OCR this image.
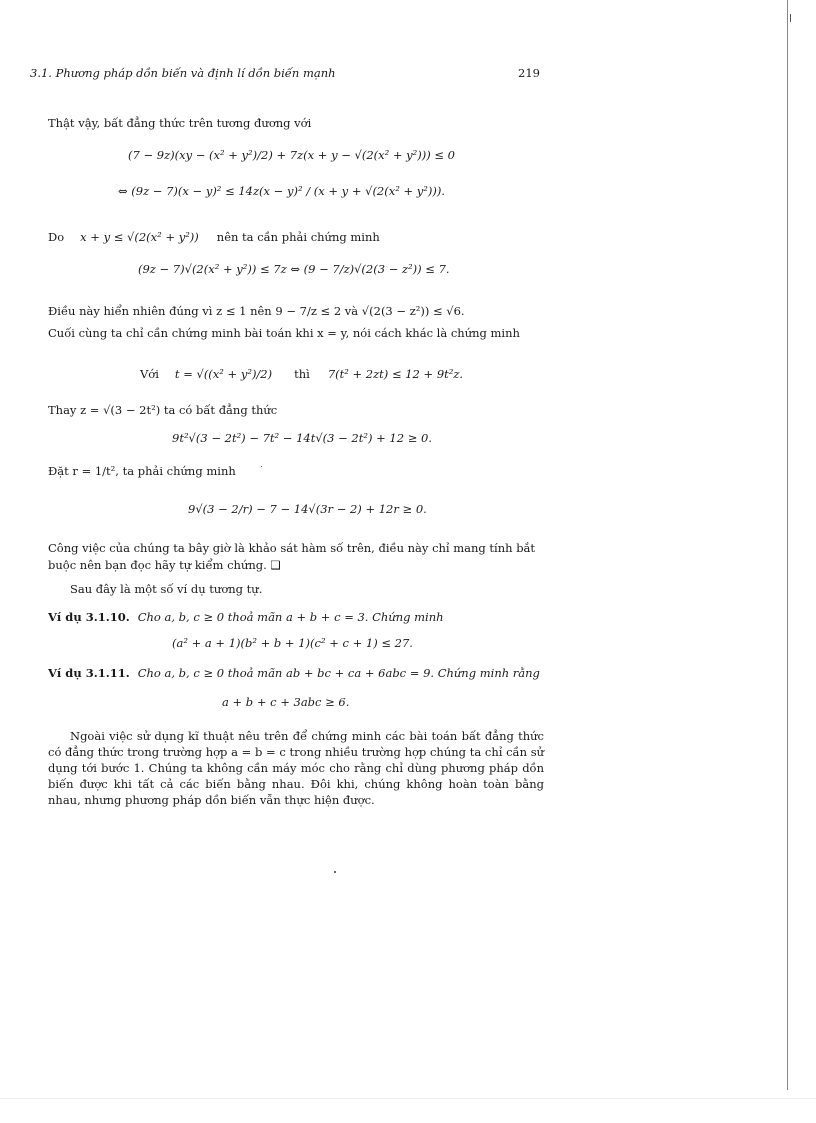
3.1. Phương pháp dồn biến và định lí dồn biến mạnh	219
Thật vậy, bất đẳng thức trên tương đương với
(7 − 9z)(xy − (x² + y²)/2) + 7z(x + y − √(2(x² + y²))) ≤ 0
⇔ (9z − 7)(x − y)² ≤ 14z(x − y)² / (x + y + √(2(x² + y²))).
Do x + y ≤ √(2(x² + y²)) nên ta cần phải chứng minh
(9z − 7)√(2(x² + y²)) ≤ 7z ⇔ (9 − 7/z)√(2(3 − z²)) ≤ 7.
Điều này hiển nhiên đúng vì z ≤ 1 nên 9 − 7/z ≤ 2 và √(2(3 − z²)) ≤ √6.
Cuối cùng ta chỉ cần chứng minh bài toán khi x = y, nói cách khác là chứng minh
Với t = √((x² + y²)/2) thì 7(t² + 2zt) ≤ 12 + 9t²z.
Thay z = √(3 − 2t²) ta có bất đẳng thức
9t²√(3 − 2t²) − 7t² − 14t√(3 − 2t²) + 12 ≥ 0.
Đặt r = 1/t², ta phải chứng minh
9√(3 − 2/r) − 7 − 14√(3r − 2) + 12r ≥ 0.
Công việc của chúng ta bây giờ là khảo sát hàm số trên, điều này chỉ mang tính bắt
buộc nên bạn đọc hãy tự kiểm chứng. ❑
Sau đây là một số ví dụ tương tự.
Ví dụ 3.1.10. Cho a, b, c ≥ 0 thoả mãn a + b + c = 3. Chứng minh
(a² + a + 1)(b² + b + 1)(c² + c + 1) ≤ 27.
Ví dụ 3.1.11. Cho a, b, c ≥ 0 thoả mãn ab + bc + ca + 6abc = 9. Chứng minh rằng
a + b + c + 3abc ≥ 6.
Ngoài việc sử dụng kĩ thuật nêu trên để chứng minh các bài toán bất đẳng thức có đẳng thức trong trường hợp a = b = c trong nhiều trường hợp chúng ta chỉ cần sử dụng tới bước 1. Chúng ta không cần máy móc cho rằng chỉ dùng phương pháp dồn biến được khi tất cả các biến bằng nhau. Đôi khi, chúng không hoàn toàn bằng nhau, nhưng phương pháp dồn biến vẫn thực hiện được.
